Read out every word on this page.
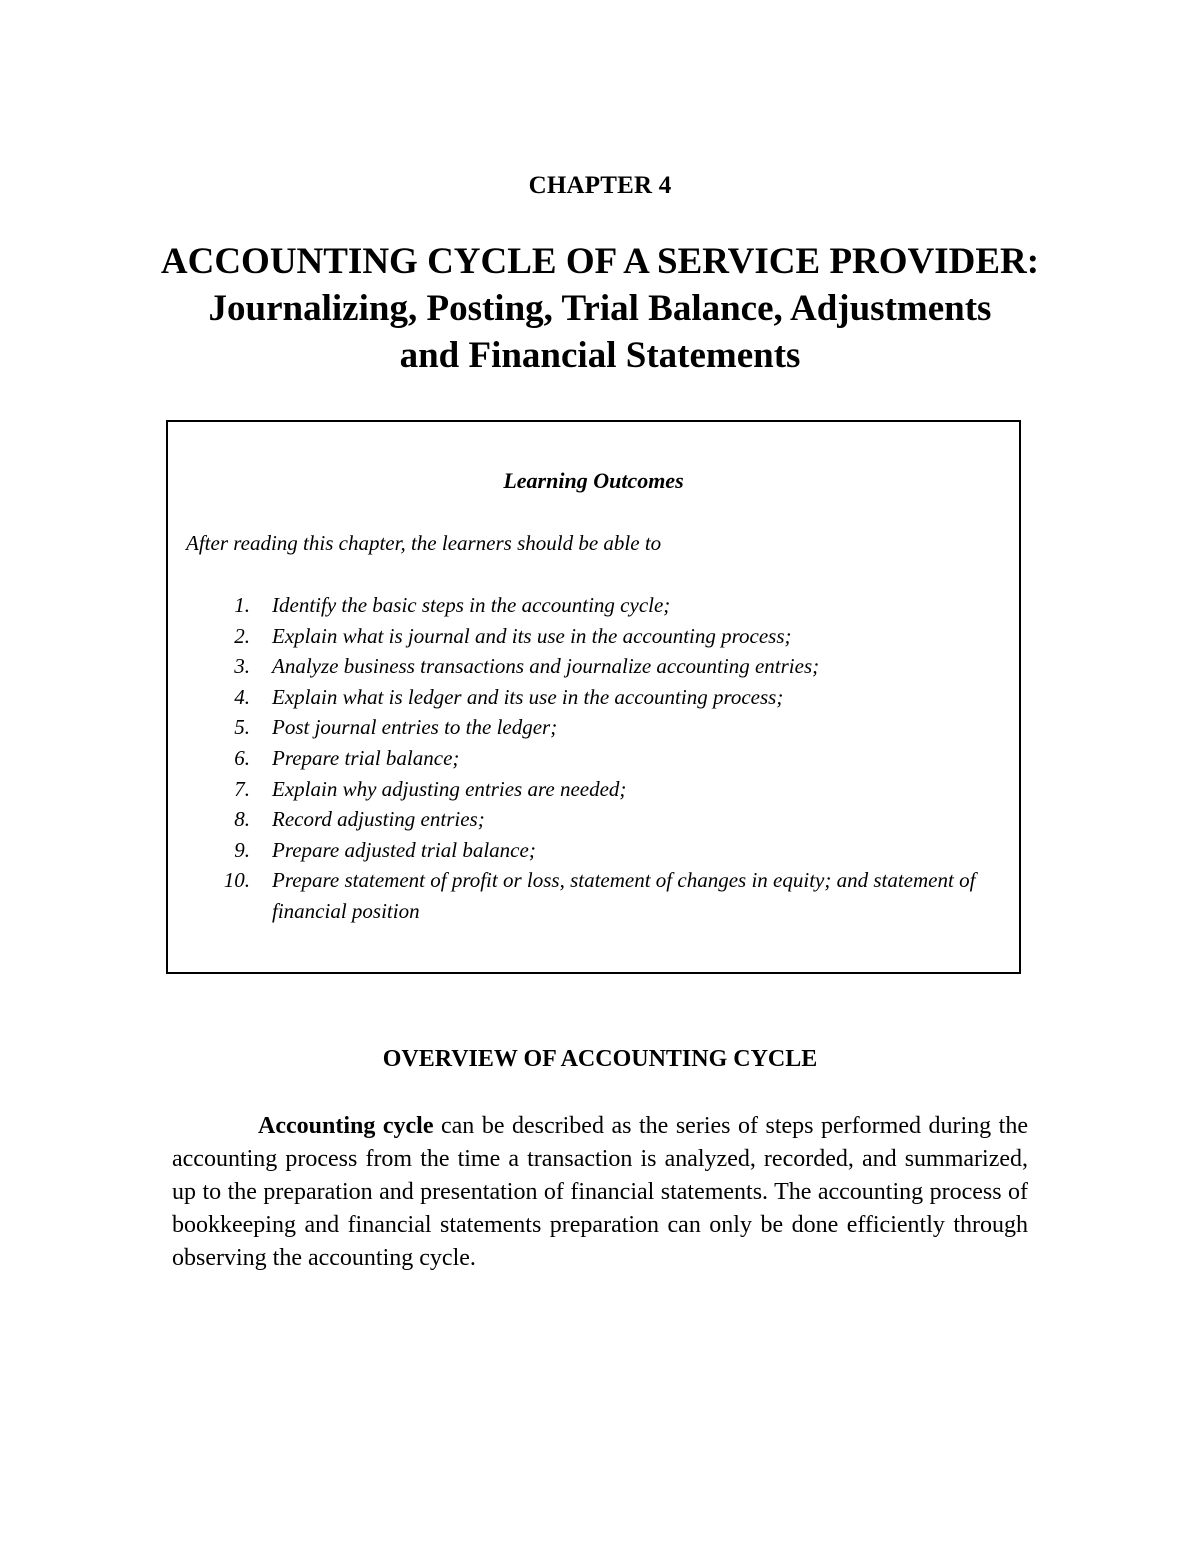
CHAPTER 4
ACCOUNTING CYCLE OF A SERVICE PROVIDER:
Journalizing, Posting, Trial Balance, Adjustments
and Financial Statements
Learning Outcomes
After reading this chapter, the learners should be able to
1. Identify the basic steps in the accounting cycle;
2. Explain what is journal and its use in the accounting process;
3. Analyze business transactions and journalize accounting entries;
4. Explain what is ledger and its use in the accounting process;
5. Post journal entries to the ledger;
6. Prepare trial balance;
7. Explain why adjusting entries are needed;
8. Record adjusting entries;
9. Prepare adjusted trial balance;
10. Prepare statement of profit or loss, statement of changes in equity; and statement of financial position
OVERVIEW OF ACCOUNTING CYCLE

Accounting cycle can be described as the series of steps performed during the accounting process from the time a transaction is analyzed, recorded, and summarized, up to the preparation and presentation of financial statements. The accounting process of bookkeeping and financial statements preparation can only be done efficiently through observing the accounting cycle.
